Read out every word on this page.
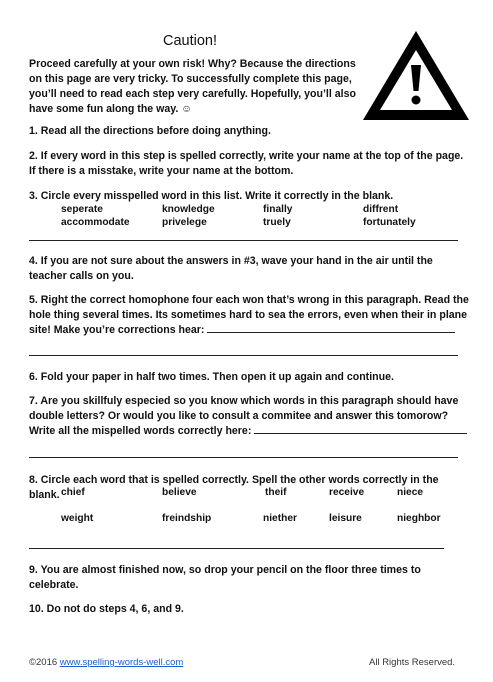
Caution!
Proceed carefully at your own risk! Why? Because the directions on this page are very tricky. To successfully complete this page, you’ll need to read each step very carefully. Hopefully, you’ll also have some fun along the way. ☺
1. Read all the directions before doing anything.
2. If every word in this step is spelled correctly, write your name at the top of the page. If there is a misstake, write your name at the bottom.
3. Circle every misspelled word in this list. Write it correctly in the blank.
seperate	knowledge	finally	diffrent
accommodate	privelege	truely	fortunately
4. If you are not sure about the answers in #3, wave your hand in the air until the teacher calls on you.
5. Right the correct homophone four each won that’s wrong in this paragraph. Read the hole thing several times. Its sometimes hard to sea the errors, even when their in plane site! Make you’re corrections hear:
6. Fold your paper in half two times. Then open it up again and continue.
7. Are you skillfuly especied so you know which words in this paragraph should have double letters? Or would you like to consult a commitee and answer this tomorow? Write all the mispelled words correctly here:
8. Circle each word that is spelled correctly. Spell the other words correctly in the blank. chief	believe	theif	receive	niece
weight	freindship	niether	leisure	nieghbor
9. You are almost finished now, so drop your pencil on the floor three times to celebrate.
10. Do not do steps 4, 6, and 9.
©2016 www.spelling-words-well.com	All Rights Reserved.
